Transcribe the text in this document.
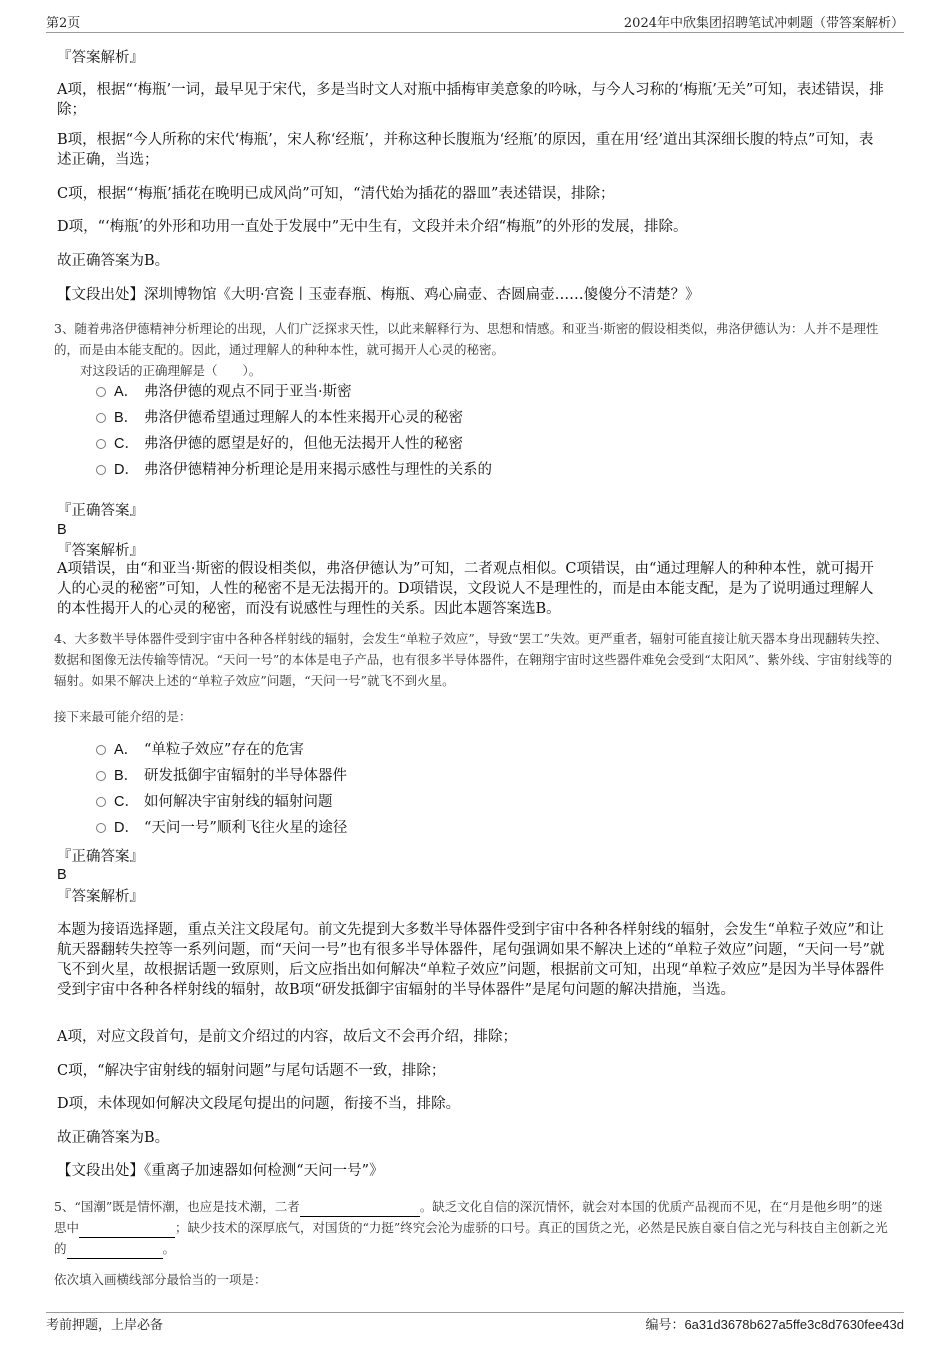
第2页	2024年中欣集团招聘笔试冲刺题（带答案解析）
『答案解析』
A项，根据“‘梅瓶’一词，最早见于宋代，多是当时文人对瓶中插梅审美意象的吟咏，与今人习称的‘梅瓶’无关”可知，表述错误，排除；
B项，根据“今人所称的宋代‘梅瓶’，宋人称‘经瓶’，并称这种长腹瓶为‘经瓶’的原因，重在用‘经’道出其深细长腹的特点”可知，表述正确，当选；
C项，根据“‘梅瓶’插花在晚明已成风尚”可知，“清代始为插花的器皿”表述错误，排除；
D项，“‘梅瓶’的外形和功用一直处于发展中”无中生有，文段并未介绍“梅瓶”的外形的发展，排除。
故正确答案为B。
【文段出处】深圳博物馆《大明·宫瓷丨玉壶春瓶、梅瓶、鸡心扁壶、杏圆扁壶……傻傻分不清楚？》
3、随着弗洛伊德精神分析理论的出现，人们广泛探求天性，以此来解释行为、思想和情感。和亚当·斯密的假设相类似，弗洛伊德认为：人并不是理性的，而是由本能支配的。因此，通过理解人的种种本性，就可揭开人心灵的秘密。
对这段话的正确理解是（　　）。
A． 弗洛伊德的观点不同于亚当·斯密
B． 弗洛伊德希望通过理解人的本性来揭开心灵的秘密
C． 弗洛伊德的愿望是好的，但他无法揭开人性的秘密
D． 弗洛伊德精神分析理论是用来揭示感性与理性的关系的
『正确答案』
B
『答案解析』
A项错误，由“和亚当·斯密的假设相类似，弗洛伊德认为”可知，二者观点相似。C项错误，由“通过理解人的种种本性，就可揭开人的心灵的秘密”可知，人性的秘密不是无法揭开的。D项错误，文段说人不是理性的，而是由本能支配，是为了说明通过理解人的本性揭开人的心灵的秘密，而没有说感性与理性的关系。因此本题答案选B。
4、大多数半导体器件受到宇宙中各种各样射线的辐射，会发生“单粒子效应”，导致“罢工”失效。更严重者，辐射可能直接让航天器本身出现翻转失控、数据和图像无法传输等情况。“天问一号”的本体是电子产品，也有很多半导体器件，在翱翔宇宙时这些器件难免会受到“太阳风”、紫外线、宇宙射线等的辐射。如果不解决上述的“单粒子效应”问题，“天问一号”就飞不到火星。
接下来最可能介绍的是：
A． “单粒子效应”存在的危害
B． 研发抵御宇宙辐射的半导体器件
C． 如何解决宇宙射线的辐射问题
D． “天问一号”顺利飞往火星的途径
『正确答案』
B
『答案解析』
本题为接语选择题，重点关注文段尾句。前文先提到大多数半导体器件受到宇宙中各种各样射线的辐射，会发生“单粒子效应”和让航天器翻转失控等一系列问题，而“天问一号”也有很多半导体器件，尾句强调如果不解决上述的“单粒子效应”问题，“天问一号”就飞不到火星，故根据话题一致原则，后文应指出如何解决“单粒子效应”问题，根据前文可知，出现“单粒子效应”是因为半导体器件受到宇宙中各种各样射线的辐射，故B项“研发抵御宇宙辐射的半导体器件”是尾句问题的解决措施，当选。
A项，对应文段首句，是前文介绍过的内容，故后文不会再介绍，排除；
C项，“解决宇宙射线的辐射问题”与尾句话题不一致，排除；
D项，未体现如何解决文段尾句提出的问题，衔接不当，排除。
故正确答案为B。
【文段出处】《重离子加速器如何检测“天问一号”》
5、“国潮”既是情怀潮，也应是技术潮，二者	。缺乏文化自信的深沉情怀，就会对本国的优质产品视而不见，在“月是他乡明”的迷思中	；缺少技术的深厚底气，对国货的“力挺”终究会沦为虚骄的口号。真正的国货之光，必然是民族自豪自信之光与科技自主创新之光的	。
依次填入画横线部分最恰当的一项是：
考前押题，上岸必备	编号：6a31d3678b627a5ffe3c8d7630fee43d
